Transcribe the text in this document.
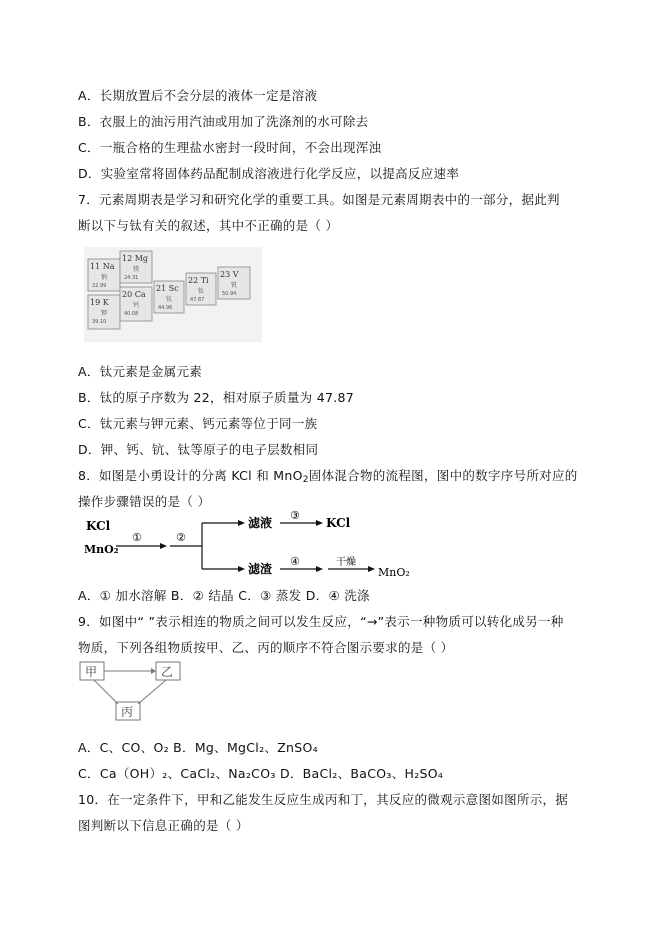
A．长期放置后不会分层的液体一定是溶液
B．衣服上的油污用汽油或用加了洗涤剂的水可除去
C．一瓶合格的生理盐水密封一段时间，不会出现浑浊
D．实验室常将固体药品配制成溶液进行化学反应，以提高反应速率
7．元素周期表是学习和研究化学的重要工具。如图是元素周期表中的一部分，据此判
断以下与钛有关的叙述，其中不正确的是（ ）
11 Na
钠
22.99
12 Mg
镁
24.31
19 K
钾
39.10
20 Ca
钙
40.08
21 Sc
钪
44.96
22 Ti
钛
47.87
23 V
钒
50.94
A．钛元素是金属元素
B．钛的原子序数为 22，相对原子质量为 47.87
C．钛元素与钾元素、钙元素等位于同一族
D．钾、钙、钪、钛等原子的电子层数相同
8．如图是小勇设计的分离 KCl 和 MnO$_2$固体混合物的流程图，图中的数字序号所对应的
操作步骤错误的是（ ）
KCl
MnO₂
①	②
滤液
滤渣
③
KCl
④	干燥
MnO₂
A．① 加水溶解 B．② 结晶 C．③ 蒸发 D．④ 洗涤
9．如图中“ ”表示相连的物质之间可以发生反应，“→”表示一种物质可以转化成另一种
物质，下列各组物质按甲、乙、丙的顺序不符合图示要求的是（ ）
甲	乙
丙
A．C、CO、O₂ B．Mg、MgCl₂、ZnSO₄
C．Ca（OH）₂、CaCl₂、Na₂CO₃ D．BaCl₂、BaCO₃、H₂SO₄
10．在一定条件下，甲和乙能发生反应生成丙和丁，其反应的微观示意图如图所示，据
图判断以下信息正确的是（ ）
